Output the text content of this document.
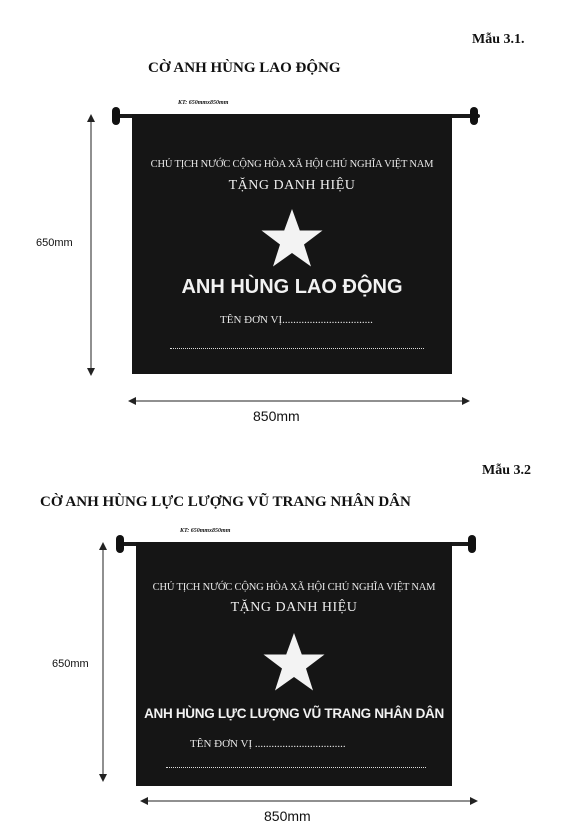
Mẫu 3.1.
CỜ ANH HÙNG LAO ĐỘNG
KT: 650mmx850mm
CHỦ TỊCH NƯỚC CỘNG HÒA XÃ HỘI CHỦ NGHĨA VIỆT NAM
TẶNG DANH HIỆU
ANH HÙNG LAO ĐỘNG
TÊN ĐƠN VỊ.................................
650mm
850mm
Mẫu 3.2
CỜ ANH HÙNG LỰC LƯỢNG VŨ TRANG NHÂN DÂN
KT: 650mmx850mm
CHỦ TỊCH NƯỚC CỘNG HÒA XÃ HỘI CHỦ NGHĨA VIỆT NAM
TẶNG DANH HIỆU
ANH HÙNG LỰC LƯỢNG VŨ TRANG NHÂN DÂN
TÊN ĐƠN VỊ .................................
650mm
850mm
